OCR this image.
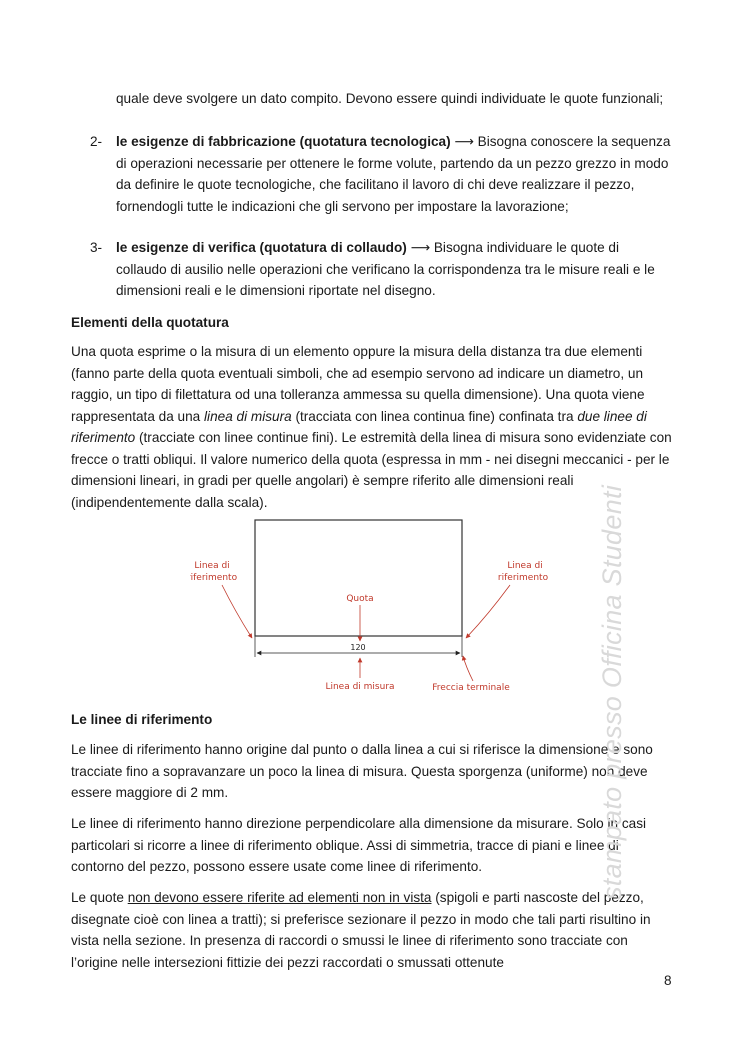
quale deve svolgere un dato compito. Devono essere quindi individuate le quote funzionali;
2-	le esigenze di fabbricazione (quotatura tecnologica) ⟶ Bisogna conoscere la sequenza di operazioni necessarie per ottenere le forme volute, partendo da un pezzo grezzo in modo da definire le quote tecnologiche, che facilitano il lavoro di chi deve realizzare il pezzo, fornendogli tutte le indicazioni che gli servono per impostare la lavorazione;
3-	le esigenze di verifica (quotatura di collaudo) ⟶ Bisogna individuare le quote di collaudo di ausilio nelle operazioni che verificano la corrispondenza tra le misure reali e le dimensioni reali e le dimensioni riportate nel disegno.
Elementi della quotatura
Una quota esprime o la misura di un elemento oppure la misura della distanza tra due elementi (fanno parte della quota eventuali simboli, che ad esempio servono ad indicare un diametro, un raggio, un tipo di filettatura od una tolleranza ammessa su quella dimensione). Una quota viene rappresentata da una linea di misura (tracciata con linea continua fine) confinata tra due linee di riferimento (tracciate con linee continue fini). Le estremità della linea di misura sono evidenziate con frecce o tratti obliqui. Il valore numerico della quota (espressa in mm - nei disegni meccanici - per le dimensioni lineari, in gradi per quelle angolari) è sempre riferito alle dimensioni reali (indipendentemente dalla scala).
120
Linea di
riferimento
Linea di
riferimento
Quota
Linea di misura	Freccia terminale
Le linee di riferimento
Le linee di riferimento hanno origine dal punto o dalla linea a cui si riferisce la dimensione e sono tracciate fino a sopravanzare un poco la linea di misura. Questa sporgenza (uniforme) non deve essere maggiore di 2 mm.
Le linee di riferimento hanno direzione perpendicolare alla dimensione da misurare. Solo in casi particolari si ricorre a linee di riferimento oblique. Assi di simmetria, tracce di piani e linee di contorno del pezzo, possono essere usate come linee di riferimento.
Le quote non devono essere riferite ad elementi non in vista (spigoli e parti nascoste del pezzo, disegnate cioè con linea a tratti); si preferisce sezionare il pezzo in modo che tali parti risultino in vista nella sezione. In presenza di raccordi o smussi le linee di riferimento sono tracciate con l’origine nelle intersezioni fittizie dei pezzi raccordati o smussati ottenute
stampato presso Officina Studenti
8
